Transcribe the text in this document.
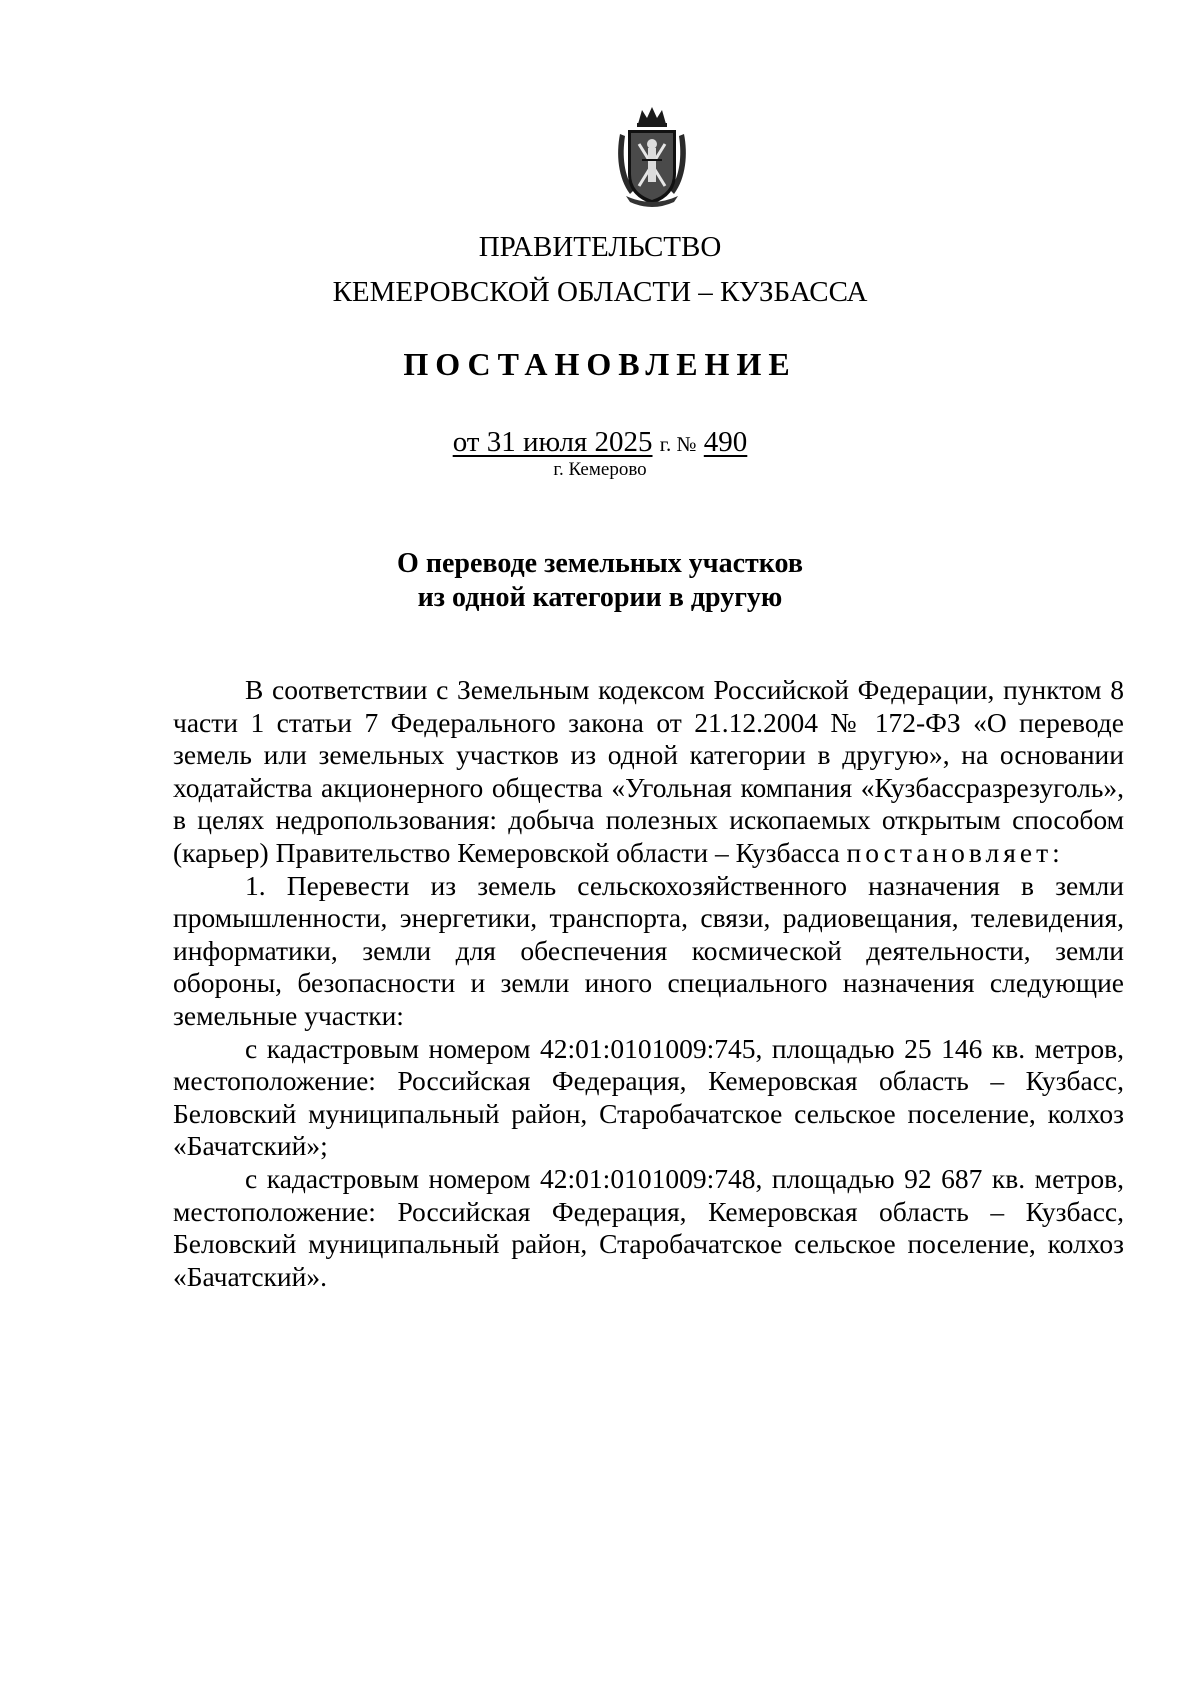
ПРАВИТЕЛЬСТВО
КЕМЕРОВСКОЙ ОБЛАСТИ – КУЗБАССА
ПОСТАНОВЛЕНИЕ
от 31 июля 2025 г. № 490
г. Кемерово
О переводе земельных участков
из одной категории в другую

В соответствии с Земельным кодексом Российской Федерации, пунктом 8 части 1 статьи 7 Федерального закона от 21.12.2004 № 172-ФЗ «О переводе земель или земельных участков из одной категории в другую», на основании ходатайства акционерного общества «Угольная компания «Кузбассразрезуголь», в целях недропользования: добыча полезных ископаемых открытым способом (карьер) Правительство Кемеровской области – Кузбасса постановляет:

1. Перевести из земель сельскохозяйственного назначения в земли промышленности, энергетики, транспорта, связи, радиовещания, телевидения, информатики, земли для обеспечения космической деятельности, земли обороны, безопасности и земли иного специального назначения следующие земельные участки:

с кадастровым номером 42:01:0101009:745, площадью 25 146 кв. метров, местоположение: Российская Федерация, Кемеровская область – Кузбасс, Беловский муниципальный район, Старобачатское сельское поселение, колхоз «Бачатский»;

с кадастровым номером 42:01:0101009:748, площадью 92 687 кв. метров, местоположение: Российская Федерация, Кемеровская область – Кузбасс, Беловский муниципальный район, Старобачатское сельское поселение, колхоз «Бачатский».
